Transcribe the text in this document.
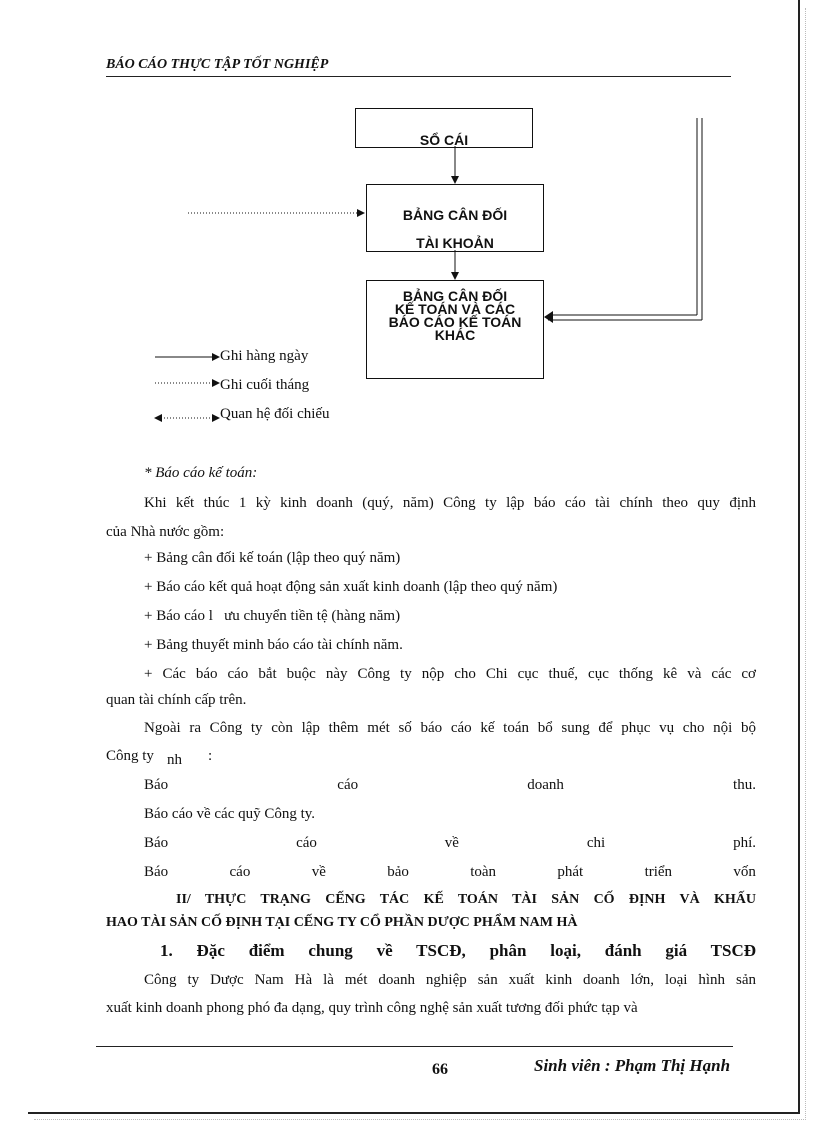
BÁO CÁO THỰC TẬP TỐT NGHIỆP
SỔ CÁI
BẢNG CÂN ĐỐI
TÀI KHOẢN
BẢNG CÂN ĐỐI
KẾ TOÁN VÀ CÁC
BÁO CÁO KẾ TOÁN
KHÁC
Ghi hàng ngày
Ghi cuối tháng
Quan hệ đối chiếu
* Báo cáo kế toán:
Khi kết thúc 1 kỳ kinh doanh (quý, năm) Công ty lập báo cáo tài chính theo quy định
của Nhà nước gồm:
+ Bảng cân đối kế toán (lập theo quý năm)
+ Báo cáo kết quả hoạt động sản xuất kinh doanh (lập theo quý năm)
+ Báo cáo l   ưu chuyển tiền tệ (hàng năm)
+ Bảng thuyết minh báo cáo tài chính năm.
+ Các báo cáo bắt buộc này Công ty nộp cho Chi cục thuế, cục thống kê và các cơ
quan tài chính cấp trên.
Ngoài ra Công ty còn lập thêm mét số báo cáo kế toán bổ sung để phục vụ cho nội bộ
Công ty nh :
Báo	cáo	doanh	thu.
Báo cáo về các quỹ Công ty.
Báo	cáo	về	chi	phí.
Báo	cáo	về	bảo	toàn	phát	triển	vốn
II/ THỰC TRẠNG CẾNG TÁC KẾ TOÁN TÀI SẢN CỐ ĐỊNH VÀ KHẤU
HAO TÀI SẢN CỐ ĐỊNH TẠI CẾNG TY CỔ PHẦN DƯỢC PHẨM NAM HÀ
1. Đặc điểm chung về TSCĐ, phân loại, đánh giá TSCĐ
Công ty Dược Nam Hà là mét doanh nghiệp sản xuất kinh doanh lớn, loại hình sản
xuất kinh doanh phong phó đa dạng, quy trình công nghệ sản xuất tương đối phức tạp và
66	Sinh viên : Phạm Thị Hạnh
